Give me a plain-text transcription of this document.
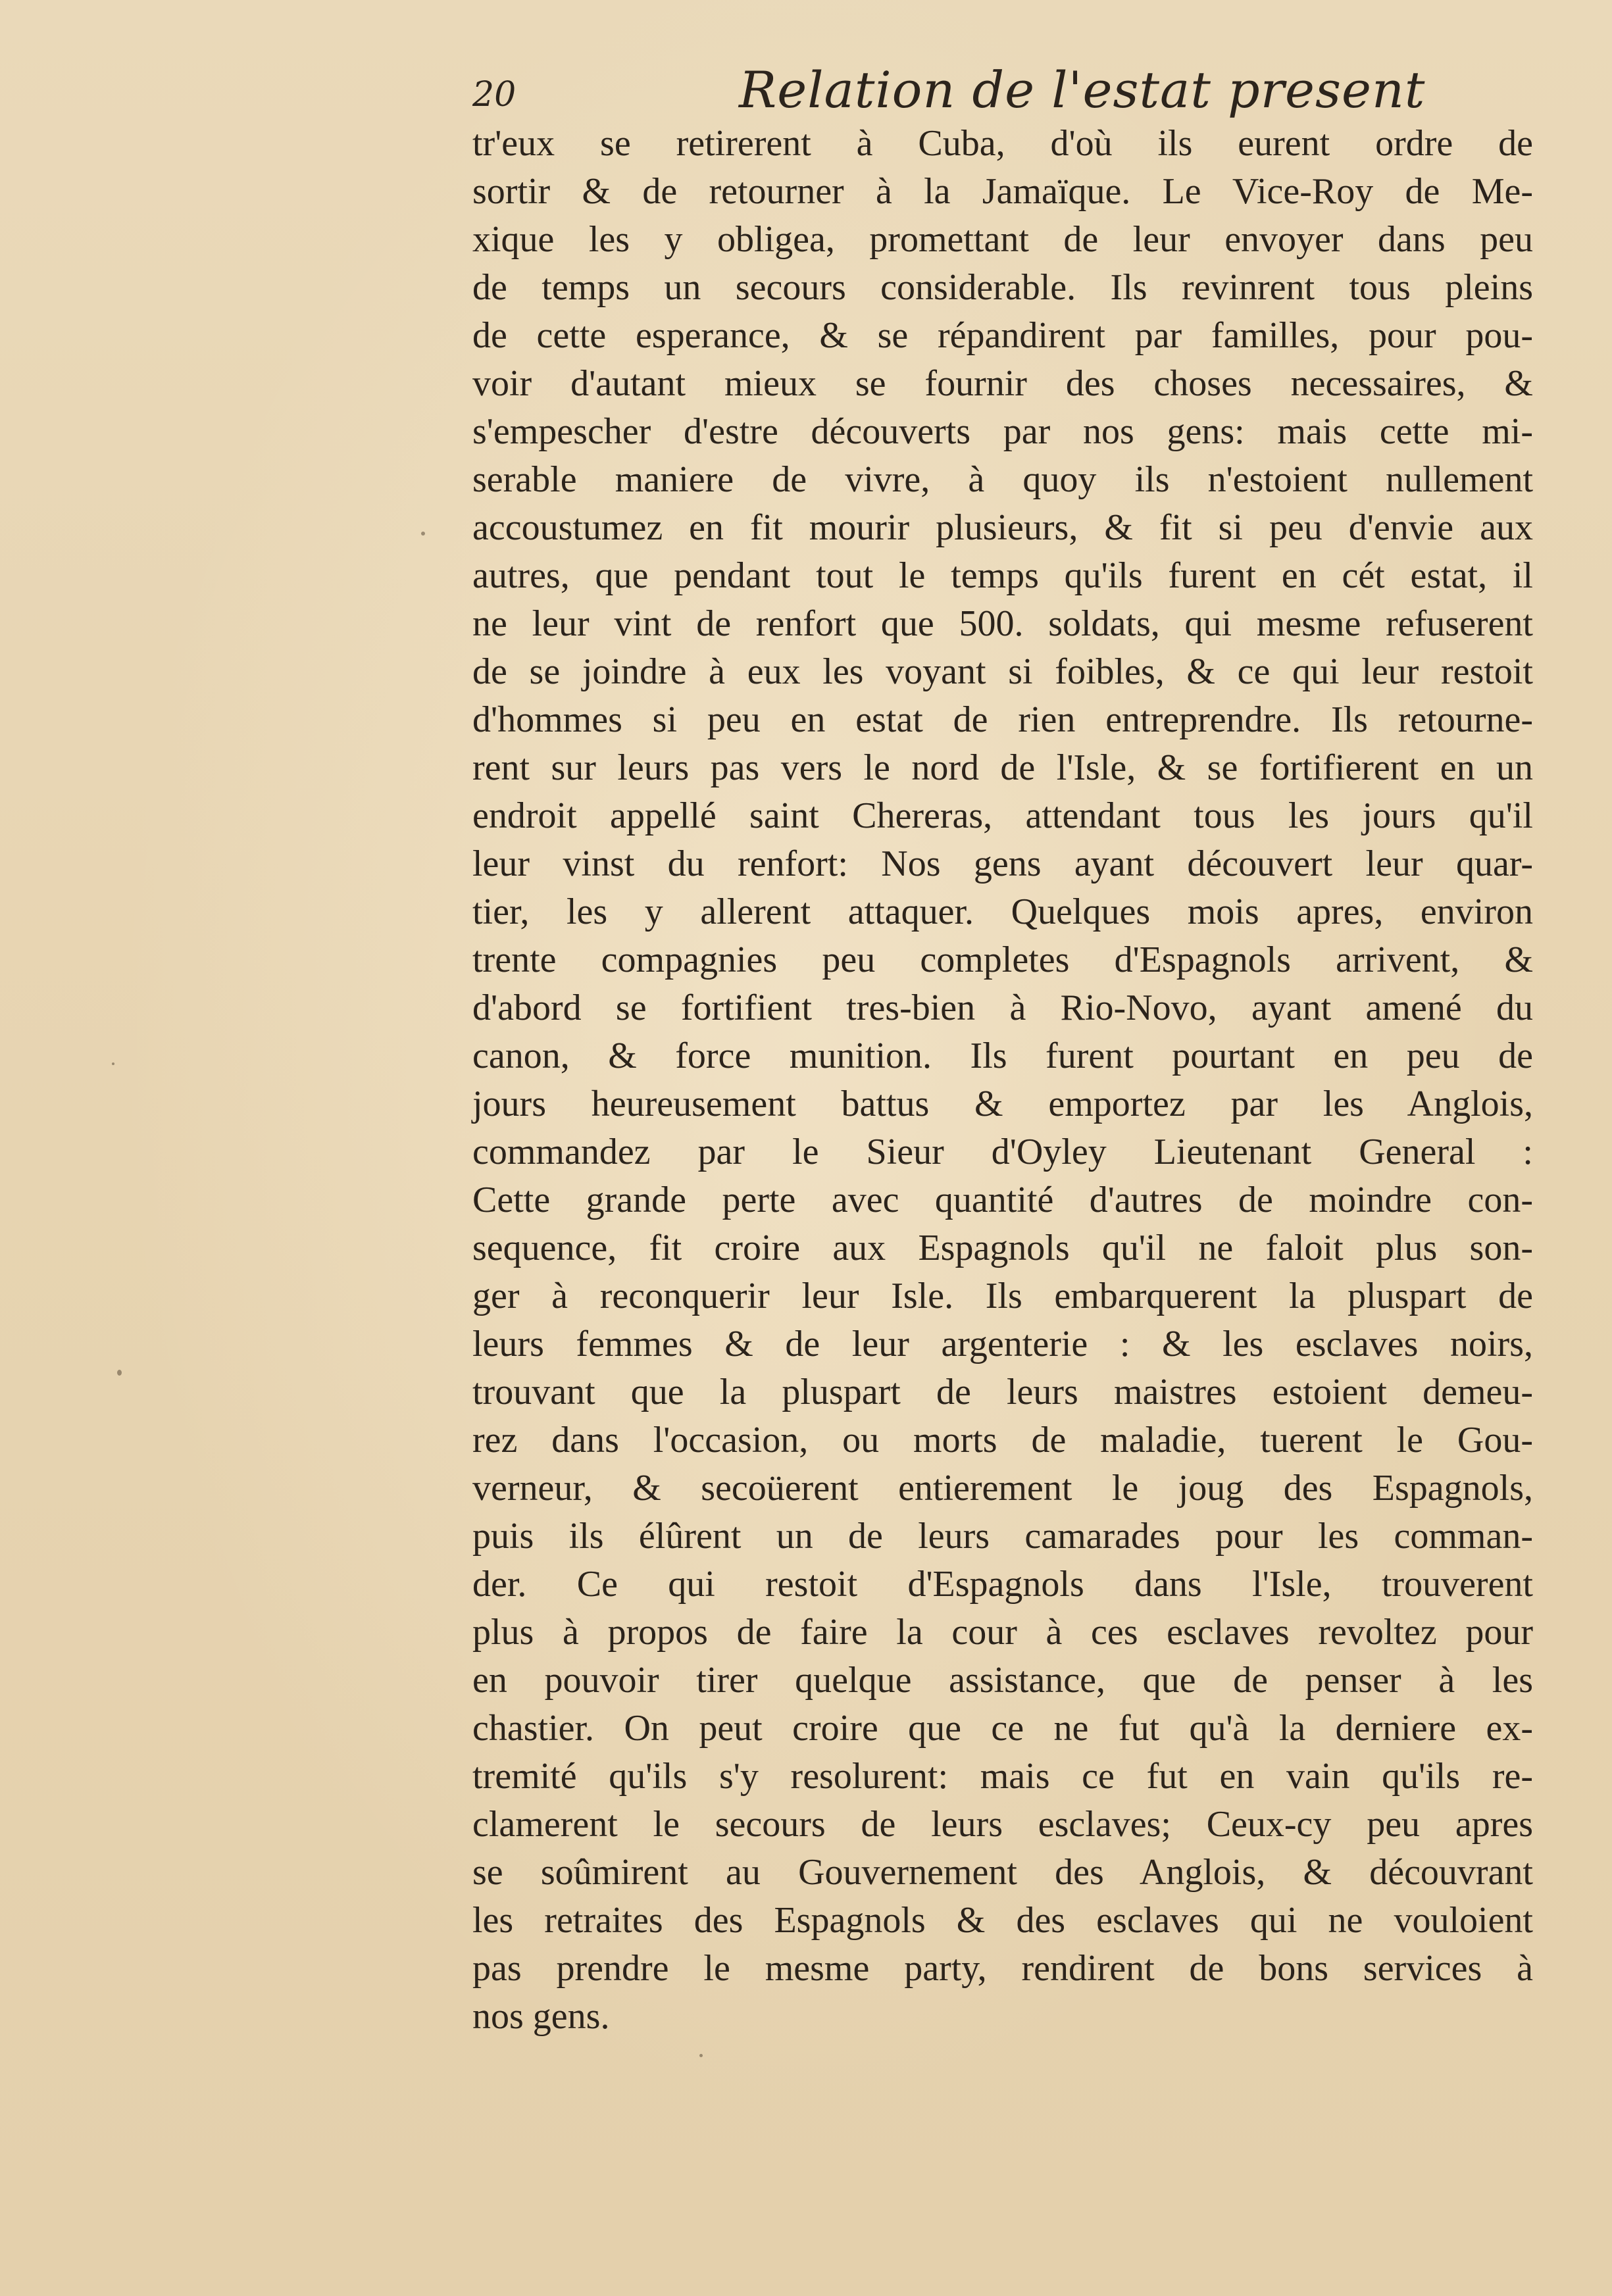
20	Relation de l'estat present
tr'eux se retirerent à Cuba, d'où ils eurent ordre de
sortir & de retourner à la Jamaïque. Le Vice-Roy de Me-
xique les y obligea, promettant de leur envoyer dans peu
de temps un secours considerable. Ils revinrent tous pleins
de cette esperance, & se répandirent par familles, pour pou-
voir d'autant mieux se fournir des choses necessaires, &
s'empescher d'estre découverts par nos gens: mais cette mi-
serable maniere de vivre, à quoy ils n'estoient nullement
accoustumez en fit mourir plusieurs, & fit si peu d'envie aux
autres, que pendant tout le temps qu'ils furent en cét estat, il
ne leur vint de renfort que 500. soldats, qui mesme refuserent
de se joindre à eux les voyant si foibles, & ce qui leur restoit
d'hommes si peu en estat de rien entreprendre. Ils retourne-
rent sur leurs pas vers le nord de l'Isle, & se fortifierent en un
endroit appellé saint Chereras, attendant tous les jours qu'il
leur vinst du renfort: Nos gens ayant découvert leur quar-
tier, les y allerent attaquer. Quelques mois apres, environ
trente compagnies peu completes d'Espagnols arrivent, &
d'abord se fortifient tres-bien à Rio-Novo, ayant amené du
canon, & force munition. Ils furent pourtant en peu de
jours heureusement battus & emportez par les Anglois,
commandez par le Sieur d'Oyley Lieutenant General :
Cette grande perte avec quantité d'autres de moindre con-
sequence, fit croire aux Espagnols qu'il ne faloit plus son-
ger à reconquerir leur Isle. Ils embarquerent la pluspart de
leurs femmes & de leur argenterie : & les esclaves noirs,
trouvant que la pluspart de leurs maistres estoient demeu-
rez dans l'occasion, ou morts de maladie, tuerent le Gou-
verneur, & secoüerent entierement le joug des Espagnols,
puis ils élûrent un de leurs camarades pour les comman-
der. Ce qui restoit d'Espagnols dans l'Isle, trouverent
plus à propos de faire la cour à ces esclaves revoltez pour
en pouvoir tirer quelque assistance, que de penser à les
chastier. On peut croire que ce ne fut qu'à la derniere ex-
tremité qu'ils s'y resolurent: mais ce fut en vain qu'ils re-
clamerent le secours de leurs esclaves; Ceux-cy peu apres
se soûmirent au Gouvernement des Anglois, & découvrant
les retraites des Espagnols & des esclaves qui ne vouloient
pas prendre le mesme party, rendirent de bons services à
nos gens.
